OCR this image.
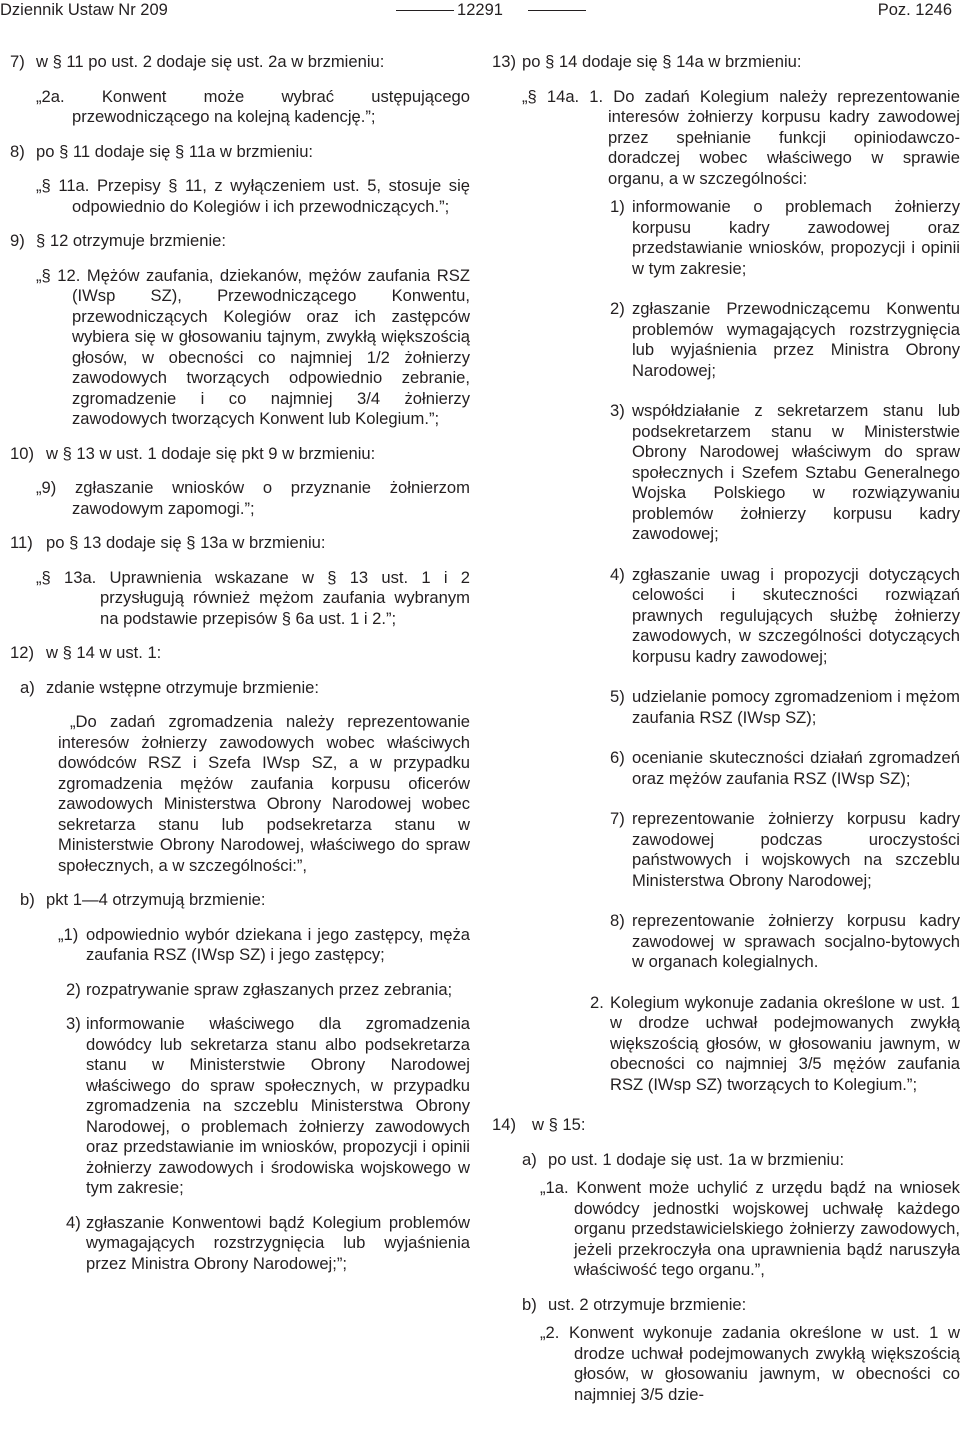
Dziennik Ustaw Nr 209	12291	Poz. 1246
7) w § 11 po ust. 2 dodaje się ust. 2a w brzmieniu:
„2a. Konwent może wybrać ustępującego przewodniczącego na kolejną kadencję.”;
8) po § 11 dodaje się § 11a w brzmieniu:
„§ 11a. Przepisy § 11, z wyłączeniem ust. 5, stosuje się odpowiednio do Kolegiów i ich przewodniczących.”;
9) § 12 otrzymuje brzmienie:
„§ 12. Mężów zaufania, dziekanów, mężów zaufania RSZ (IWsp SZ), Przewodniczącego Konwentu, przewodniczących Kolegiów oraz ich zastępców wybiera się w głosowaniu tajnym, zwykłą większością głosów, w obecności co najmniej 1/2 żołnierzy zawodowych tworzących odpowiednio zebranie, zgromadzenie i co najmniej 3/4 żołnierzy zawodowych tworzących Konwent lub Kolegium.”;
10) w § 13 w ust. 1 dodaje się pkt 9 w brzmieniu:
„9) zgłaszanie wniosków o przyznanie żołnierzom zawodowym zapomogi.”;
11) po § 13 dodaje się § 13a w brzmieniu:
„§ 13a. Uprawnienia wskazane w § 13 ust. 1 i 2 przysługują również mężom zaufania wybranym na podstawie przepisów § 6a ust. 1 i 2.”;
12) w § 14 w ust. 1:
a) zdanie wstępne otrzymuje brzmienie:
„Do zadań zgromadzenia należy reprezentowanie interesów żołnierzy zawodowych wobec właściwych dowódców RSZ i Szefa IWsp SZ, a w przypadku zgromadzenia mężów zaufania korpusu oficerów zawodowych Ministerstwa Obrony Narodowej wobec sekretarza stanu lub podsekretarza stanu w Ministerstwie Obrony Narodowej, właściwego do spraw społecznych, a w szczególności:”,
b) pkt 1—4 otrzymują brzmienie:
„1) odpowiednio wybór dziekana i jego zastępcy, męża zaufania RSZ (IWsp SZ) i jego zastępcy;
2) rozpatrywanie spraw zgłaszanych przez zebrania;
3) informowanie właściwego dla zgromadzenia dowódcy lub sekretarza stanu albo podsekretarza stanu w Ministerstwie Obrony Narodowej właściwego do spraw społecznych, w przypadku zgromadzenia na szczeblu Ministerstwa Obrony Narodowej, o problemach żołnierzy zawodowych oraz przedstawianie im wniosków, propozycji i opinii żołnierzy zawodowych i środowiska wojskowego w tym zakresie;
4) zgłaszanie Konwentowi bądź Kolegium problemów wymagających rozstrzygnięcia lub wyjaśnienia przez Ministra Obrony Narodowej;”;
13) po § 14 dodaje się § 14a w brzmieniu:
„§ 14a. 1. Do zadań Kolegium należy reprezentowanie interesów żołnierzy korpusu kadry zawodowej przez spełnianie funkcji opiniodawczo-doradczej wobec właściwego w sprawie organu, a w szczególności:
1) informowanie o problemach żołnierzy korpusu kadry zawodowej oraz przedstawianie wniosków, propozycji i opinii w tym zakresie;
2) zgłaszanie Przewodniczącemu Konwentu problemów wymagających rozstrzygnięcia lub wyjaśnienia przez Ministra Obrony Narodowej;
3) współdziałanie z sekretarzem stanu lub podsekretarzem stanu w Ministerstwie Obrony Narodowej właściwym do spraw społecznych i Szefem Sztabu Generalnego Wojska Polskiego w rozwiązywaniu problemów żołnierzy korpusu kadry zawodowej;
4) zgłaszanie uwag i propozycji dotyczących celowości i skuteczności rozwiązań prawnych regulujących służbę żołnierzy zawodowych, w szczególności dotyczących korpusu kadry zawodowej;
5) udzielanie pomocy zgromadzeniom i mężom zaufania RSZ (IWsp SZ);
6) ocenianie skuteczności działań zgromadzeń oraz mężów zaufania RSZ (IWsp SZ);
7) reprezentowanie żołnierzy korpusu kadry zawodowej podczas uroczystości państwowych i wojskowych na szczeblu Ministerstwa Obrony Narodowej;
8) reprezentowanie żołnierzy korpusu kadry zawodowej w sprawach socjalno-bytowych w organach kolegialnych.
2. Kolegium wykonuje zadania określone w ust. 1 w drodze uchwał podejmowanych zwykłą większością głosów, w głosowaniu jawnym, w obecności co najmniej 3/5 mężów zaufania RSZ (IWsp SZ) tworzących to Kolegium.”;
14) w § 15:
a) po ust. 1 dodaje się ust. 1a w brzmieniu:
„1a. Konwent może uchylić z urzędu bądź na wniosek dowódcy jednostki wojskowej uchwałę każdego organu przedstawicielskiego żołnierzy zawodowych, jeżeli przekroczyła ona uprawnienia bądź naruszyła właściwość tego organu.”,
b) ust. 2 otrzymuje brzmienie:
„2. Konwent wykonuje zadania określone w ust. 1 w drodze uchwał podejmowanych zwykłą większością głosów, w głosowaniu jawnym, w obecności co najmniej 3/5 dzie-
